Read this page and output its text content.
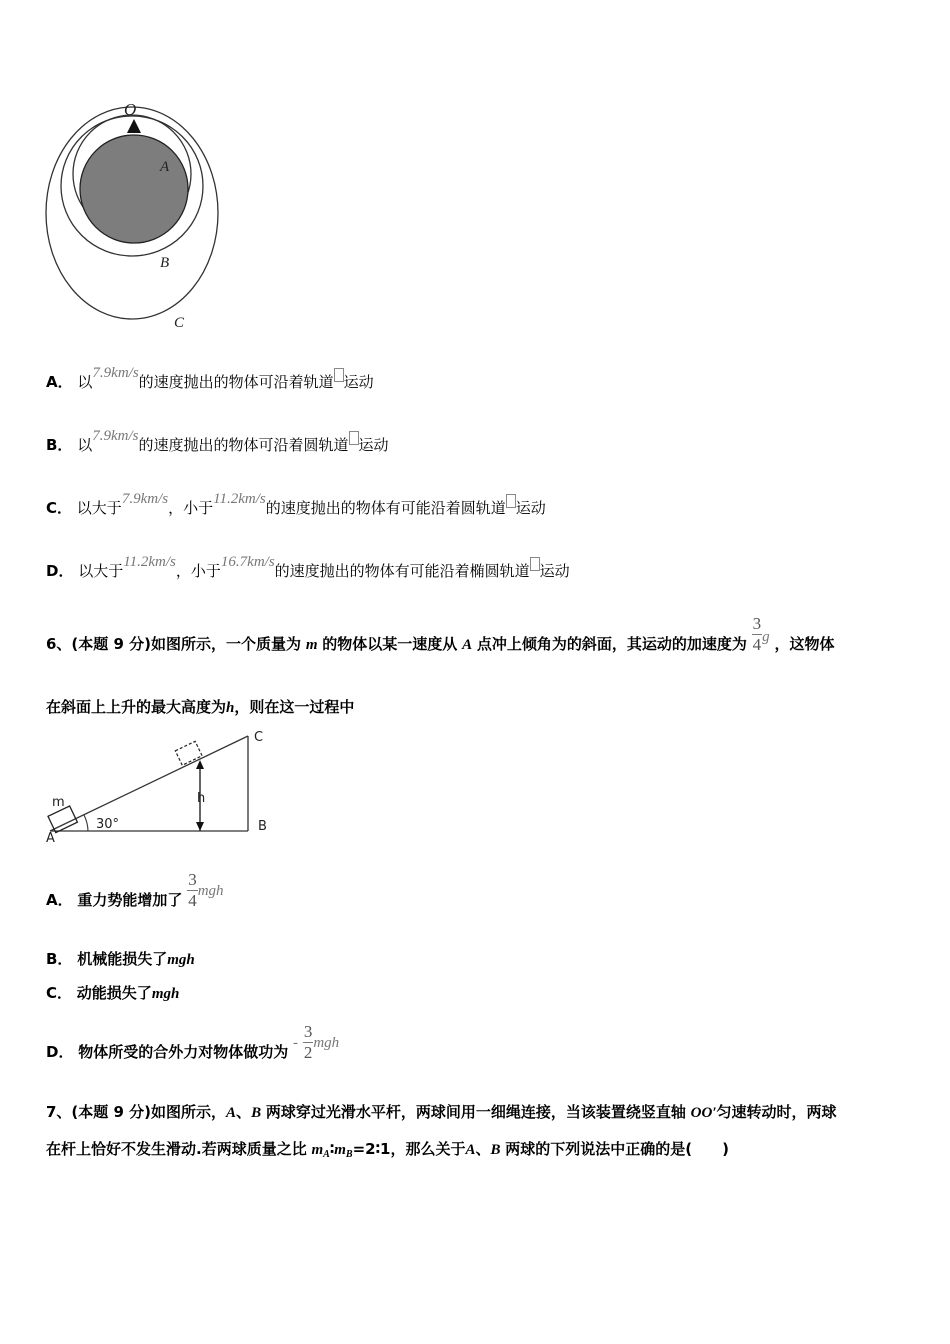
O
A
B
C
A． 以7.9km/s的速度抛出的物体可沿着轨道 运动
B． 以7.9km/s的速度抛出的物体可沿着圆轨道 运动
C． 以大于7.9km/s，小于11.2km/s的速度抛出的物体有可能沿着圆轨道 运动
D． 以大于11.2km/s，小于16.7km/s的速度抛出的物体有可能沿着椭圆轨道 运动
6、(本题 9 分)如图所示，一个质量为 m 的物体以某一速度从 A 点冲上倾角为的斜面，其运动的加速度为 $\frac{3}{4}$ g ，这物体
在斜面上上升的最大高度为h，则在这一过程中
m
A
30°
h
B
C
A． 重力势能增加了 $\frac{3}{4}$ mgh
B． 机械能损失了mgh
C． 动能损失了mgh
D． 物体所受的合外力对物体做功为 - $\frac{3}{2}$ mgh
7、(本题 9 分)如图所示，A、B 两球穿过光滑水平杆，两球间用一细绳连接，当该装置绕竖直轴 OO′匀速转动时，两球
在杆上恰好不发生滑动.若两球质量之比 $m_A∶m_B=2∶1$，那么关于A、B 两球的下列说法中正确的是(　　)
